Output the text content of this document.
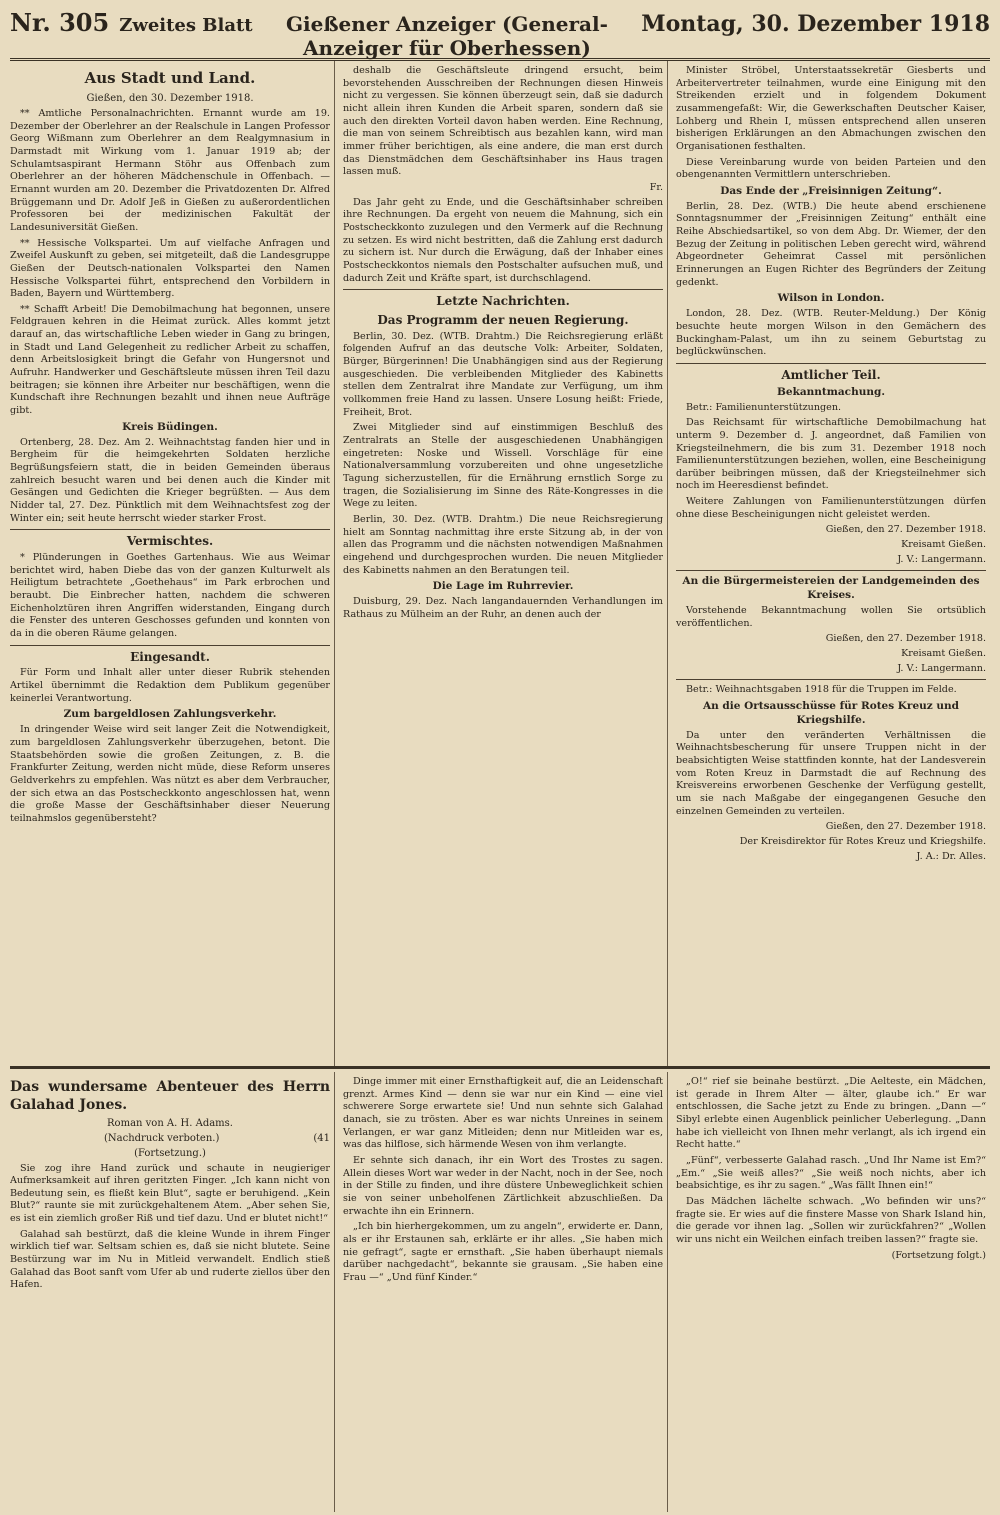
Nr. 305 Zweites Blatt	Gießener Anzeiger (General-Anzeiger für Oberhessen)
Montag, 30. Dezember 1918
Aus Stadt und Land.
Gießen, den 30. Dezember 1918.

** Amtliche Personalnachrichten. Ernannt wurde am 19. Dezember der Oberlehrer an der Realschule in Langen Professor Georg Wißmann zum Oberlehrer an dem Realgymnasium in Darmstadt mit Wirkung vom 1. Januar 1919 ab; der Schulamtsaspirant Hermann Stöhr aus Offenbach zum Oberlehrer an der höheren Mädchenschule in Offenbach. — Ernannt wurden am 20. Dezember die Privatdozenten Dr. Alfred Brüggemann und Dr. Adolf Jeß in Gießen zu außerordentlichen Professoren bei der medizinischen Fakultät der Landesuniversität Gießen.

** Hessische Volkspartei. Um auf vielfache Anfragen und Zweifel Auskunft zu geben, sei mitgeteilt, daß die Landesgruppe Gießen der Deutsch-nationalen Volkspartei den Namen Hessische Volkspartei führt, entsprechend den Vorbildern in Baden, Bayern und Württemberg.

** Schafft Arbeit! Die Demobilmachung hat begonnen, unsere Feldgrauen kehren in die Heimat zurück. Alles kommt jetzt darauf an, das wirtschaftliche Leben wieder in Gang zu bringen, in Stadt und Land Gelegenheit zu redlicher Arbeit zu schaffen, denn Arbeitslosigkeit bringt die Gefahr von Hungersnot und Aufruhr. Handwerker und Geschäftsleute müssen ihren Teil dazu beitragen; sie können ihre Arbeiter nur beschäftigen, wenn die Kundschaft ihre Rechnungen bezahlt und ihnen neue Aufträge gibt.

Kreis Büdingen.

Ortenberg, 28. Dez. Am 2. Weihnachtstag fanden hier und in Bergheim für die heimgekehrten Soldaten herzliche Begrüßungsfeiern statt, die in beiden Gemeinden überaus zahlreich besucht waren und bei denen auch die Kinder mit Gesängen und Gedichten die Krieger begrüßten. — Aus dem Nidder tal, 27. Dez. Pünktlich mit dem Weihnachtsfest zog der Winter ein; seit heute herrscht wieder starker Frost.

Vermischtes.

* Plünderungen in Goethes Gartenhaus. Wie aus Weimar berichtet wird, haben Diebe das von der ganzen Kulturwelt als Heiligtum betrachtete „Goethehaus“ im Park erbrochen und beraubt. Die Einbrecher hatten, nachdem die schweren Eichenholztüren ihren Angriffen widerstanden, Eingang durch die Fenster des unteren Geschosses gefunden und konnten von da in die oberen Räume gelangen.

Eingesandt.

Für Form und Inhalt aller unter dieser Rubrik stehenden Artikel übernimmt die Redaktion dem Publikum gegenüber keinerlei Verantwortung.

Zum bargeldlosen Zahlungsverkehr.

In dringender Weise wird seit langer Zeit die Notwendigkeit, zum bargeldlosen Zahlungsverkehr überzugehen, betont. Die Staatsbehörden sowie die großen Zeitungen, z. B. die Frankfurter Zeitung, werden nicht müde, diese Reform unseres Geldverkehrs zu empfehlen. Was nützt es aber dem Verbraucher, der sich etwa an das Postscheckkonto angeschlossen hat, wenn die große Masse der Geschäftsinhaber dieser Neuerung teilnahmslos gegenübersteht?

deshalb die Geschäftsleute dringend ersucht, beim bevorstehenden Ausschreiben der Rechnungen diesen Hinweis nicht zu vergessen. Sie können überzeugt sein, daß sie dadurch nicht allein ihren Kunden die Arbeit sparen, sondern daß sie auch den direkten Vorteil davon haben werden. Eine Rechnung, die man von seinem Schreibtisch aus bezahlen kann, wird man immer früher berichtigen, als eine andere, die man erst durch das Dienstmädchen dem Geschäftsinhaber ins Haus tragen lassen muß.

Fr.

Das Jahr geht zu Ende, und die Geschäftsinhaber schreiben ihre Rechnungen. Da ergeht von neuem die Mahnung, sich ein Postscheckkonto zuzulegen und den Vermerk auf die Rechnung zu setzen. Es wird nicht bestritten, daß die Zahlung erst dadurch zu sichern ist. Nur durch die Erwägung, daß der Inhaber eines Postscheckkontos niemals den Postschalter aufsuchen muß, und dadurch Zeit und Kräfte spart, ist durchschlagend.

Letzte Nachrichten.
Das Programm der neuen Regierung.

Berlin, 30. Dez. (WTB. Drahtm.) Die Reichsregierung erläßt folgenden Aufruf an das deutsche Volk: Arbeiter, Soldaten, Bürger, Bürgerinnen! Die Unabhängigen sind aus der Regierung ausgeschieden. Die verbleibenden Mitglieder des Kabinetts stellen dem Zentralrat ihre Mandate zur Verfügung, um ihm vollkommen freie Hand zu lassen. Unsere Losung heißt: Friede, Freiheit, Brot.

Zwei Mitglieder sind auf einstimmigen Beschluß des Zentralrats an Stelle der ausgeschiedenen Unabhängigen eingetreten: Noske und Wissell. Vorschläge für eine Nationalversammlung vorzubereiten und ohne ungesetzliche Tagung sicherzustellen, für die Ernährung ernstlich Sorge zu tragen, die Sozialisierung im Sinne des Räte-Kongresses in die Wege zu leiten.

Berlin, 30. Dez. (WTB. Drahtm.) Die neue Reichsregierung hielt am Sonntag nachmittag ihre erste Sitzung ab, in der von allen das Programm und die nächsten notwendigen Maßnahmen eingehend und durchgesprochen wurden. Die neuen Mitglieder des Kabinetts nahmen an den Beratungen teil.

Die Lage im Ruhrrevier.

Duisburg, 29. Dez. Nach langandauernden Verhandlungen im Rathaus zu Mülheim an der Ruhr, an denen auch der

Minister Ströbel, Unterstaatssekretär Giesberts und Arbeitervertreter teilnahmen, wurde eine Einigung mit den Streikenden erzielt und in folgendem Dokument zusammengefaßt: Wir, die Gewerkschaften Deutscher Kaiser, Lohberg und Rhein I, müssen entsprechend allen unseren bisherigen Erklärungen an den Abmachungen zwischen den Organisationen festhalten.

Diese Vereinbarung wurde von beiden Parteien und den obengenannten Vermittlern unterschrieben.

Das Ende der „Freisinnigen Zeitung“.

Berlin, 28. Dez. (WTB.) Die heute abend erschienene Sonntagsnummer der „Freisinnigen Zeitung“ enthält eine Reihe Abschiedsartikel, so von dem Abg. Dr. Wiemer, der den Bezug der Zeitung in politischen Leben gerecht wird, während Abgeordneter Geheimrat Cassel mit persönlichen Erinnerungen an Eugen Richter des Begründers der Zeitung gedenkt.

Wilson in London.

London, 28. Dez. (WTB. Reuter-Meldung.) Der König besuchte heute morgen Wilson in den Gemächern des Buckingham-Palast, um ihn zu seinem Geburtstag zu beglückwünschen.

Amtlicher Teil.
Bekanntmachung.

Betr.: Familienunterstützungen.

Das Reichsamt für wirtschaftliche Demobilmachung hat unterm 9. Dezember d. J. angeordnet, daß Familien von Kriegsteilnehmern, die bis zum 31. Dezember 1918 noch Familienunterstützungen beziehen, wollen, eine Bescheinigung darüber beibringen müssen, daß der Kriegsteilnehmer sich noch im Heeresdienst befindet.

Weitere Zahlungen von Familienunterstützungen dürfen ohne diese Bescheinigungen nicht geleistet werden.

Gießen, den 27. Dezember 1918.
Kreisamt Gießen.
J. V.: Langermann.
An die Bürgermeistereien der Landgemeinden des Kreises.

Vorstehende Bekanntmachung wollen Sie ortsüblich veröffentlichen.

Gießen, den 27. Dezember 1918.
Kreisamt Gießen.
J. V.: Langermann.

Betr.: Weihnachtsgaben 1918 für die Truppen im Felde.

An die Ortsausschüsse für Rotes Kreuz und Kriegshilfe.

Da unter den veränderten Verhältnissen die Weihnachtsbescherung für unsere Truppen nicht in der beabsichtigten Weise stattfinden konnte, hat der Landesverein vom Roten Kreuz in Darmstadt die auf Rechnung des Kreisvereins erworbenen Geschenke der Verfügung gestellt, um sie nach Maßgabe der eingegangenen Gesuche den einzelnen Gemeinden zu verteilen.

Gießen, den 27. Dezember 1918.
Der Kreisdirektor für Rotes Kreuz und Kriegshilfe.
J. A.: Dr. Alles.
Das wundersame Abenteuer des Herrn Galahad Jones.
Roman von A. H. Adams.
(Nachdruck verboten.)	(41
(Fortsetzung.)

Sie zog ihre Hand zurück und schaute in neugieriger Aufmerksamkeit auf ihren geritzten Finger. „Ich kann nicht von Bedeutung sein, es fließt kein Blut“, sagte er beruhigend. „Kein Blut?“ raunte sie mit zurückgehaltenem Atem. „Aber sehen Sie, es ist ein ziemlich großer Riß und tief dazu. Und er blutet nicht!“

Galahad sah bestürzt, daß die kleine Wunde in ihrem Finger wirklich tief war. Seltsam schien es, daß sie nicht blutete. Seine Bestürzung war im Nu in Mitleid verwandelt. Endlich stieß Galahad das Boot sanft vom Ufer ab und ruderte ziellos über den Hafen.

Dinge immer mit einer Ernsthaftigkeit auf, die an Leidenschaft grenzt. Armes Kind — denn sie war nur ein Kind — eine viel schwerere Sorge erwartete sie! Und nun sehnte sich Galahad danach, sie zu trösten. Aber es war nichts Unreines in seinem Verlangen, er war ganz Mitleiden; denn nur Mitleiden war es, was das hilflose, sich härmende Wesen von ihm verlangte.

Er sehnte sich danach, ihr ein Wort des Trostes zu sagen. Allein dieses Wort war weder in der Nacht, noch in der See, noch in der Stille zu finden, und ihre düstere Unbeweglichkeit schien sie von seiner unbeholfenen Zärtlichkeit abzuschließen. Da erwachte ihn ein Erinnern.

„Ich bin hierhergekommen, um zu angeln“, erwiderte er. Dann, als er ihr Erstaunen sah, erklärte er ihr alles. „Sie haben mich nie gefragt“, sagte er ernsthaft. „Sie haben überhaupt niemals darüber nachgedacht“, bekannte sie grausam. „Sie haben eine Frau —“ „Und fünf Kinder.“

„O!“ rief sie beinahe bestürzt. „Die Aelteste, ein Mädchen, ist gerade in Ihrem Alter — älter, glaube ich.“ Er war entschlossen, die Sache jetzt zu Ende zu bringen. „Dann —“ Sibyl erlebte einen Augenblick peinlicher Ueberlegung. „Dann habe ich vielleicht von Ihnen mehr verlangt, als ich irgend ein Recht hatte.“

„Fünf“, verbesserte Galahad rasch. „Und Ihr Name ist Em?“ „Em.“ „Sie weiß alles?“ „Sie weiß noch nichts, aber ich beabsichtige, es ihr zu sagen.“ „Was fällt Ihnen ein!“

Das Mädchen lächelte schwach. „Wo befinden wir uns?“ fragte sie. Er wies auf die finstere Masse von Shark Island hin, die gerade vor ihnen lag. „Sollen wir zurückfahren?“ „Wollen wir uns nicht ein Weilchen einfach treiben lassen?“ fragte sie.

(Fortsetzung folgt.)
